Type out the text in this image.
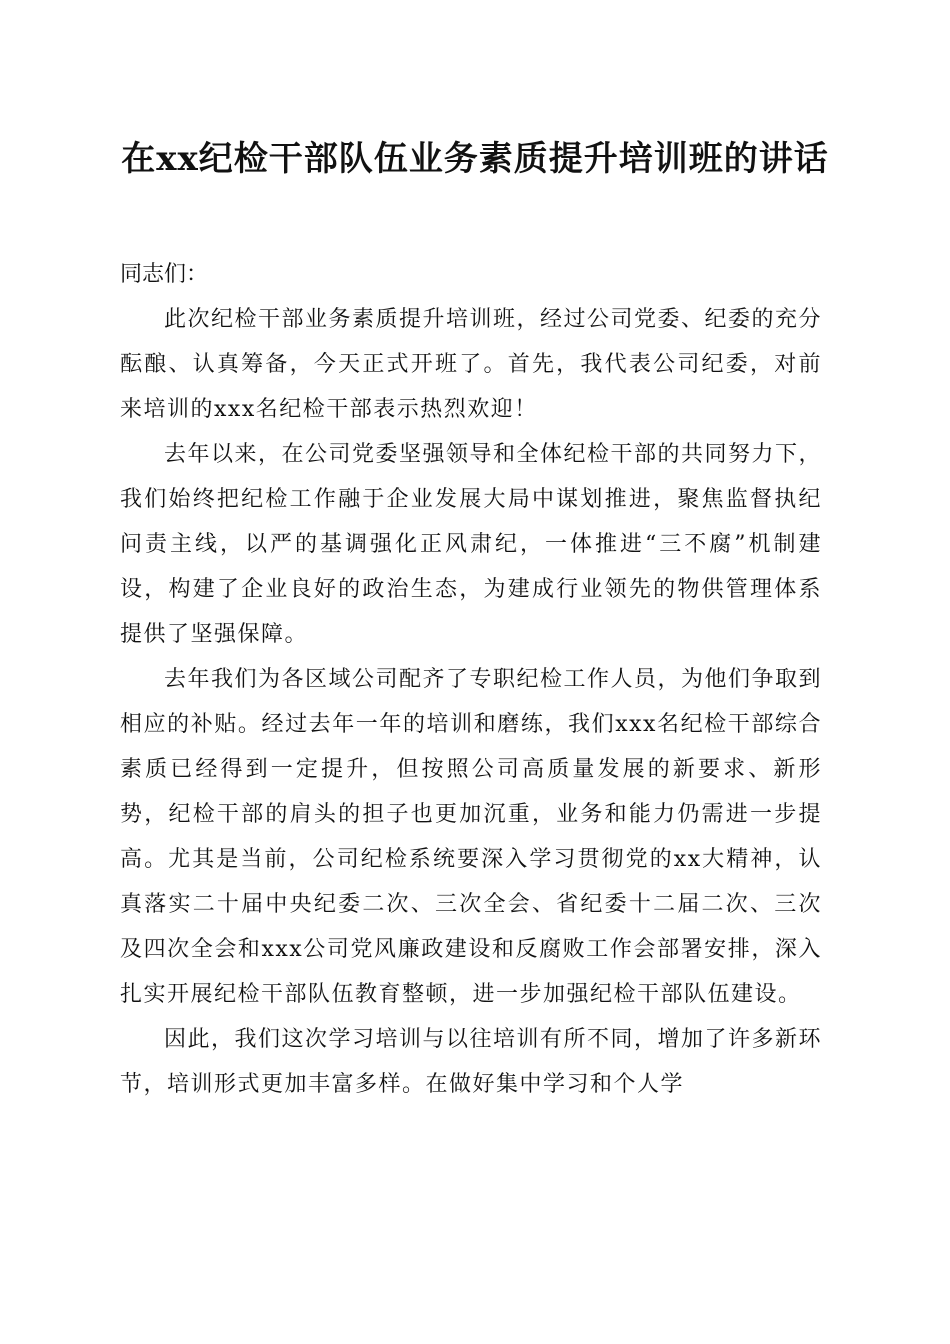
在xx纪检干部队伍业务素质提升培训班的讲话

同志们：

此次纪检干部业务素质提升培训班，经过公司党委、纪委的充分酝酿、认真筹备，今天正式开班了。首先，我代表公司纪委，对前来培训的xxx名纪检干部表示热烈欢迎！

去年以来，在公司党委坚强领导和全体纪检干部的共同努力下，我们始终把纪检工作融于企业发展大局中谋划推进，聚焦监督执纪问责主线，以严的基调强化正风肃纪，一体推进“三不腐”机制建设，构建了企业良好的政治生态，为建成行业领先的物供管理体系提供了坚强保障。

去年我们为各区域公司配齐了专职纪检工作人员，为他们争取到相应的补贴。经过去年一年的培训和磨练，我们xxx名纪检干部综合素质已经得到一定提升，但按照公司高质量发展的新要求、新形势，纪检干部的肩头的担子也更加沉重，业务和能力仍需进一步提高。尤其是当前，公司纪检系统要深入学习贯彻党的xx大精神，认真落实二十届中央纪委二次、三次全会、省纪委十二届二次、三次及四次全会和xxx公司党风廉政建设和反腐败工作会部署安排，深入扎实开展纪检干部队伍教育整顿，进一步加强纪检干部队伍建设。

因此，我们这次学习培训与以往培训有所不同，增加了许多新环节，培训形式更加丰富多样。在做好集中学习和个人学
